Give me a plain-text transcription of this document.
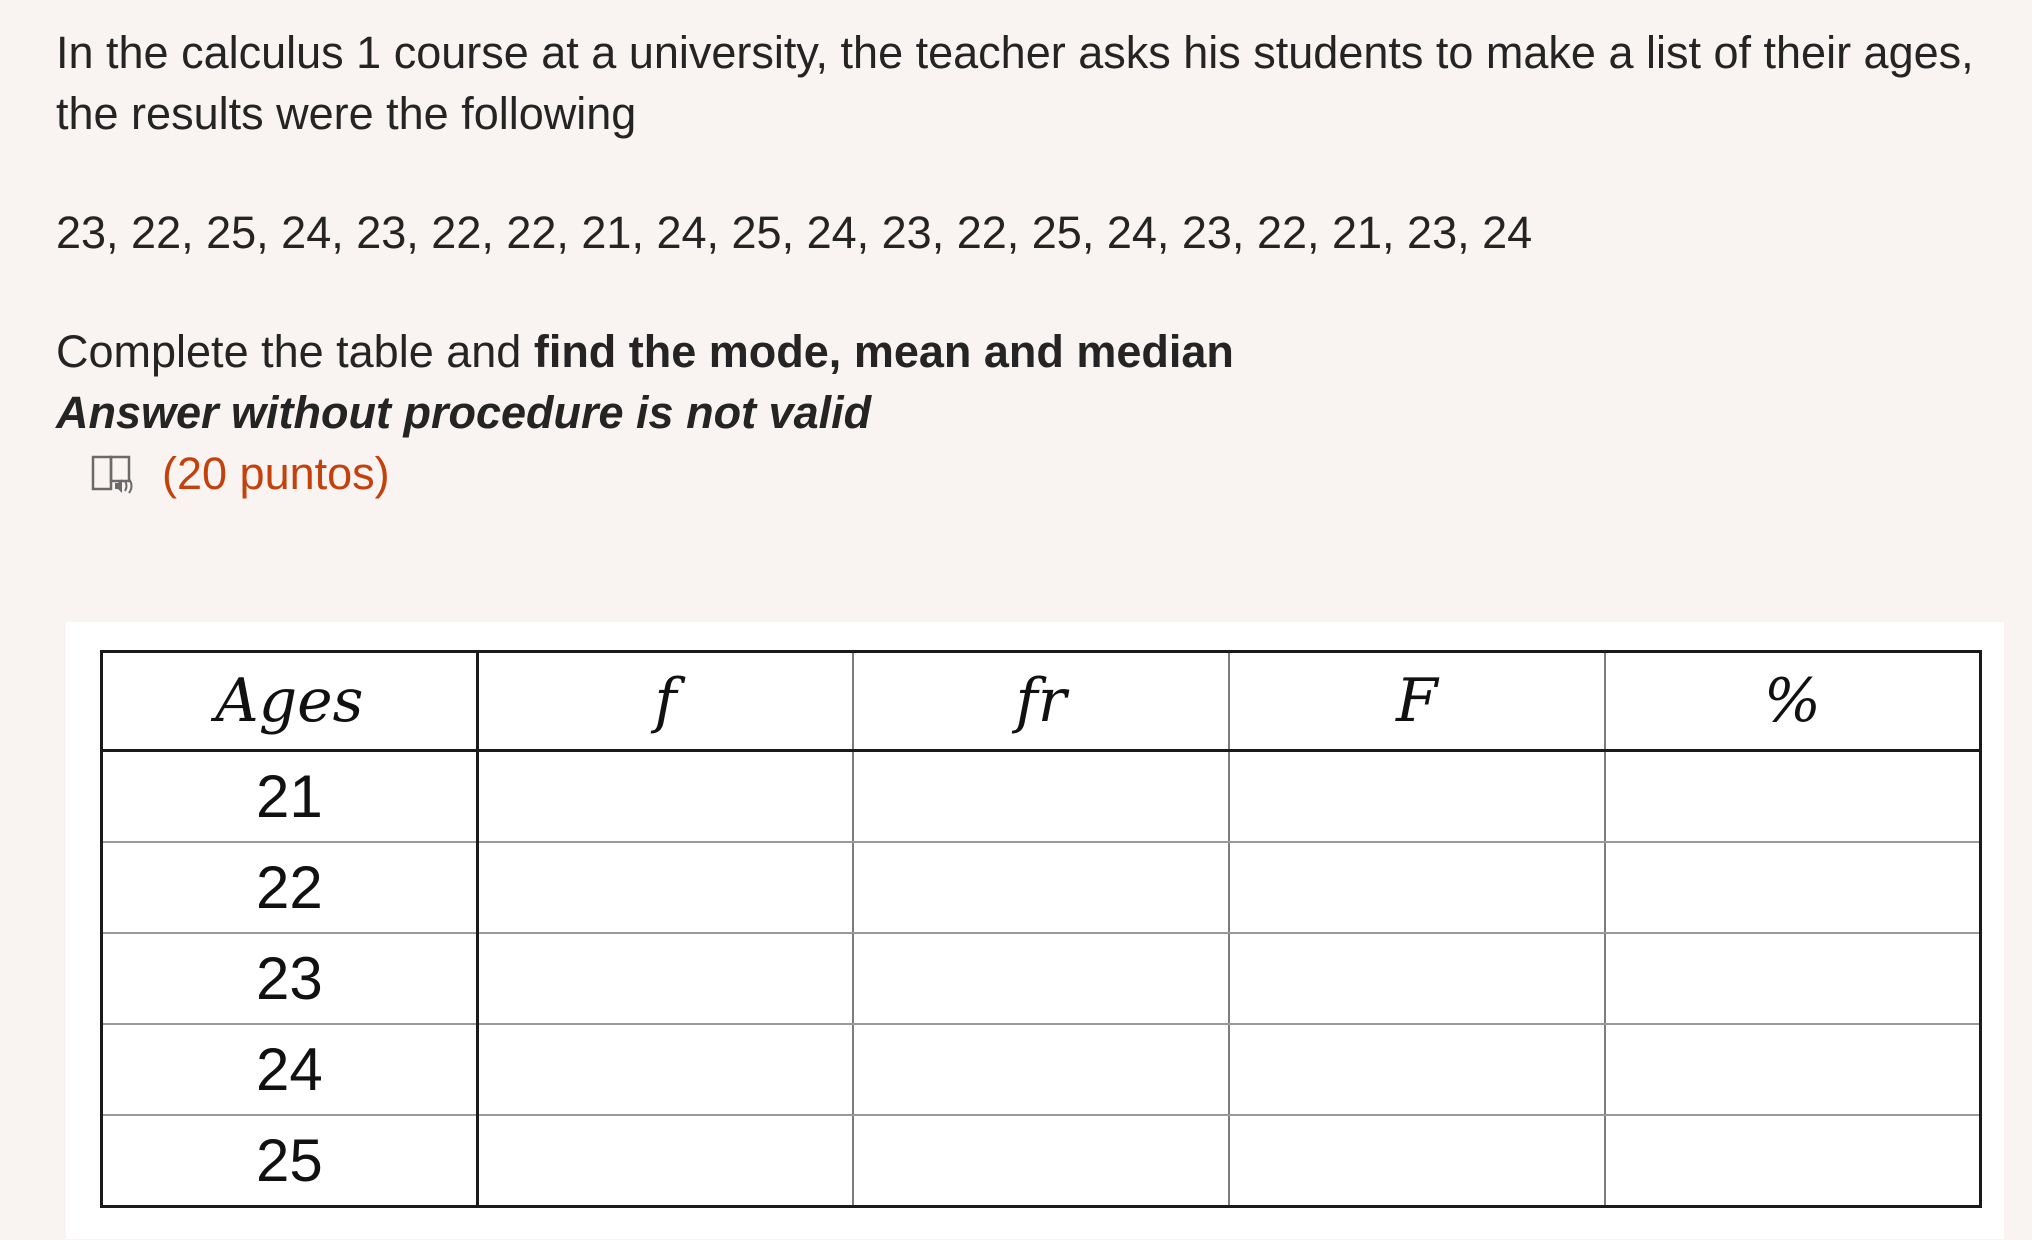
In the calculus 1 course at a university, the teacher asks his students to make a list of their ages, the results were the following

23, 22, 25, 24, 23, 22, 22, 21, 24, 25, 24, 23, 22, 25, 24, 23, 22, 21, 23, 24

Complete the table and find the mode, mean and median

Answer without procedure is not valid

(20 puntos)
Ages	f	fr	F	%
21				
22				
23				
24				
25				
